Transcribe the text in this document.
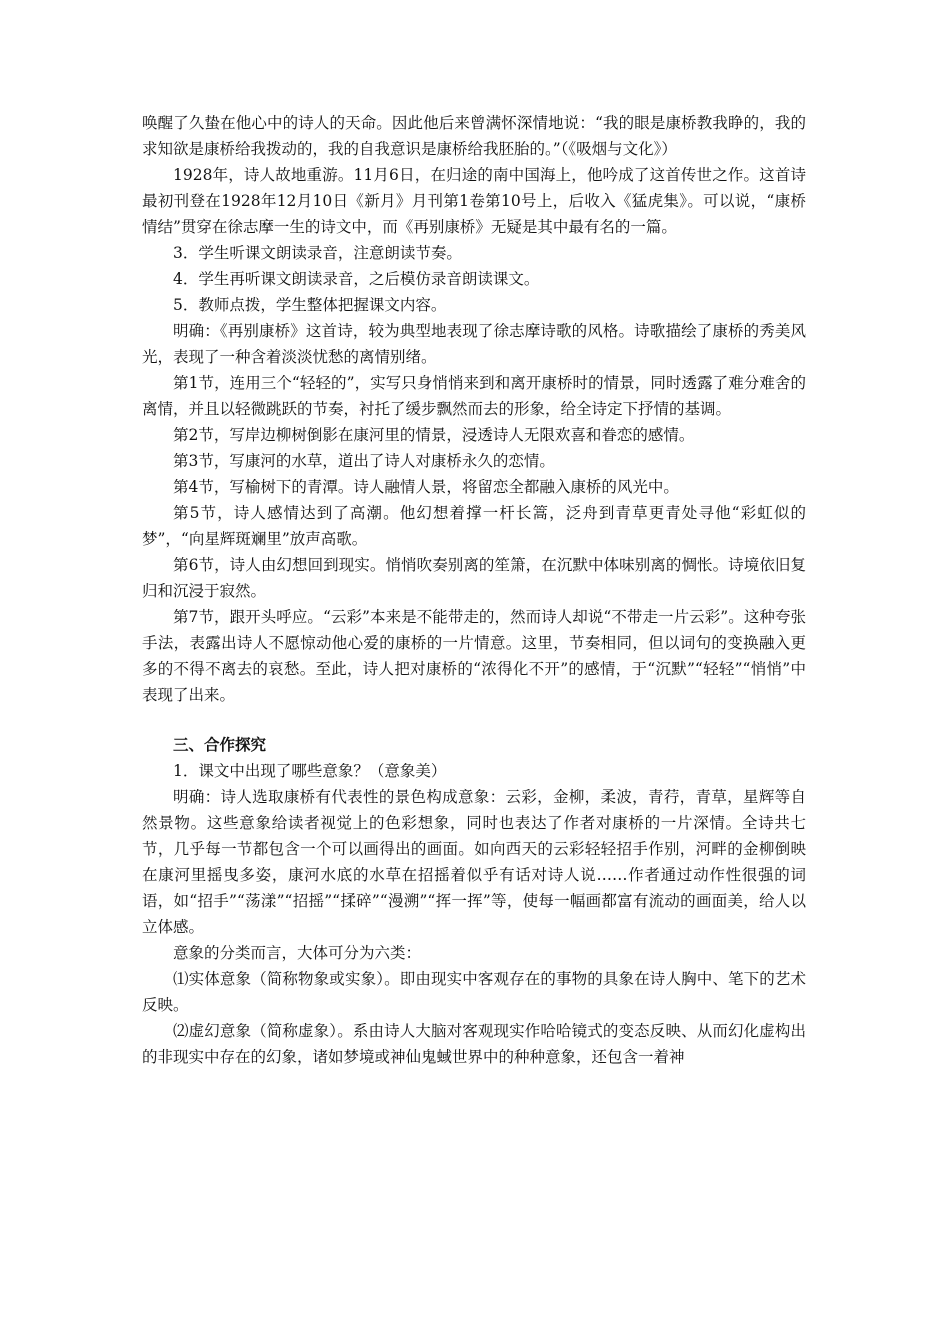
唤醒了久蛰在他心中的诗人的天命。因此他后来曾满怀深情地说：“我的眼是康桥教我睁的，我的求知欲是康桥给我拨动的，我的自我意识是康桥给我胚胎的。”（《吸烟与文化》）

1928年，诗人故地重游。11月6日，在归途的南中国海上，他吟成了这首传世之作。这首诗最初刊登在1928年12月10日《新月》月刊第1卷第10号上，后收入《猛虎集》。可以说，“康桥情结”贯穿在徐志摩一生的诗文中，而《再别康桥》无疑是其中最有名的一篇。

3．学生听课文朗读录音，注意朗读节奏。

4．学生再听课文朗读录音，之后模仿录音朗读课文。

5．教师点拨，学生整体把握课文内容。

明确：《再别康桥》这首诗，较为典型地表现了徐志摩诗歌的风格。诗歌描绘了康桥的秀美风光，表现了一种含着淡淡忧愁的离情别绪。

第1节，连用三个“轻轻的”，实写只身悄悄来到和离开康桥时的情景，同时透露了难分难舍的离情，并且以轻微跳跃的节奏，衬托了缓步飘然而去的形象，给全诗定下抒情的基调。

第2节，写岸边柳树倒影在康河里的情景，浸透诗人无限欢喜和眷恋的感情。

第3节，写康河的水草，道出了诗人对康桥永久的恋情。

第4节，写榆树下的青潭。诗人融情人景，将留恋全都融入康桥的风光中。

第5节，诗人感情达到了高潮。他幻想着撑一杆长篙，泛舟到青草更青处寻他“彩虹似的梦”，“向星辉斑斓里”放声高歌。

第6节，诗人由幻想回到现实。悄悄吹奏别离的笙箫，在沉默中体味别离的惆怅。诗境依旧复归和沉浸于寂然。

第7节，跟开头呼应。“云彩”本来是不能带走的，然而诗人却说“不带走一片云彩”。这种夸张手法，表露出诗人不愿惊动他心爱的康桥的一片情意。这里，节奏相同，但以词句的变换融入更多的不得不离去的哀愁。至此，诗人把对康桥的“浓得化不开”的感情，于“沉默”“轻轻”“悄悄”中表现了出来。

三、合作探究

1．课文中出现了哪些意象？（意象美）

明确：诗人选取康桥有代表性的景色构成意象：云彩，金柳，柔波，青荇，青草，星辉等自然景物。这些意象给读者视觉上的色彩想象，同时也表达了作者对康桥的一片深情。全诗共七节，几乎每一节都包含一个可以画得出的画面。如向西天的云彩轻轻招手作别，河畔的金柳倒映在康河里摇曳多姿，康河水底的水草在招摇着似乎有话对诗人说……作者通过动作性很强的词语，如“招手”“荡漾”“招摇”“揉碎”“漫溯”“挥一挥”等，使每一幅画都富有流动的画面美，给人以立体感。

意象的分类而言，大体可分为六类：

⑴实体意象（简称物象或实象）。即由现实中客观存在的事物的具象在诗人胸中、笔下的艺术反映。

⑵虚幻意象（简称虚象）。系由诗人大脑对客观现实作哈哈镜式的变态反映、从而幻化虚构出的非现实中存在的幻象，诸如梦境或神仙鬼蜮世界中的种种意象，还包含一着神
